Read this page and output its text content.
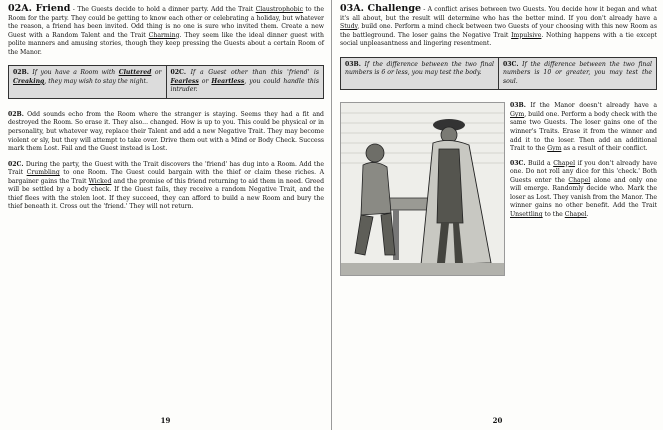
02A. Friend - The Guests decide to hold a dinner party. Add the Trait Claustrophobic to the Room for the party. They could be getting to know each other or celebrating a holiday, but whatever the reason, a friend has been invited. Odd thing is no one is sure who invited them. Create a new Guest with a Random Talent and the Trait Charming. They seem like the ideal dinner guest with polite manners and amusing stories, though they keep pressing the Guests about a certain Room of the Manor.

02B. If you have a Room with Cluttered or Creaking, they may wish to stay the night.
02C. If a Guest other than this 'friend' is Fearless or Heartless, you could handle this intruder.

02B. Odd sounds echo from the Room where the stranger is staying. Seems they had a fit and destroyed the Room. So erase it. They also... changed. How is up to you. This could be physical or in personality, but whatever way, replace their Talent and add a new Negative Trait. They may become violent or sly, but they will attempt to take over. Drive them out with a Mind or Body Check. Success mark them Lost. Fail and the Guest instead is Lost.

02C. During the party, the Guest with the Trait discovers the 'friend' has dug into a Room. Add the Trait Crumbling to one Room. The Guest could bargain with the thief or claim these riches. A bargainer gains the Trait Wicked and the promise of this friend returning to aid them in need. Greed will be settled by a body check. If the Guest fails, they receive a random Negative Trait, and the thief flees with the stolen loot. If they succeed, they can afford to build a new Room and bury the thief beneath it. Cross out the 'friend.' They will not return.

19

03A. Challenge - A conflict arises between two Guests. You decide how it began and what it's all about, but the result will determine who has the better mind. If you don't already have a Study, build one. Perform a mind check between two Guests of your choosing with this new Room as the battleground. The loser gains the Negative Trait Impulsive. Nothing happens with a tie except social unpleasantness and lingering resentment.

03B. If the difference between the two final numbers is 6 or less, you may test the body.
03C. If the difference between the two final numbers is 10 or greater, you may test the soul.

03B. If the Manor doesn't already have a Gym, build one. Perform a body check with the same two Guests. The loser gains one of the winner's Traits. Erase it from the winner and add it to the loser. Then add an additional Trait to the Gym as a result of their conflict.

03C. Build a Chapel if you don't already have one. Do not roll any dice for this 'check.' Both Guests enter the Chapel alone and only one will emerge. Randomly decide who. Mark the loser as Lost. They vanish from the Manor. The winner gains no other benefit. Add the Trait Unsettling to the Chapel.

20
